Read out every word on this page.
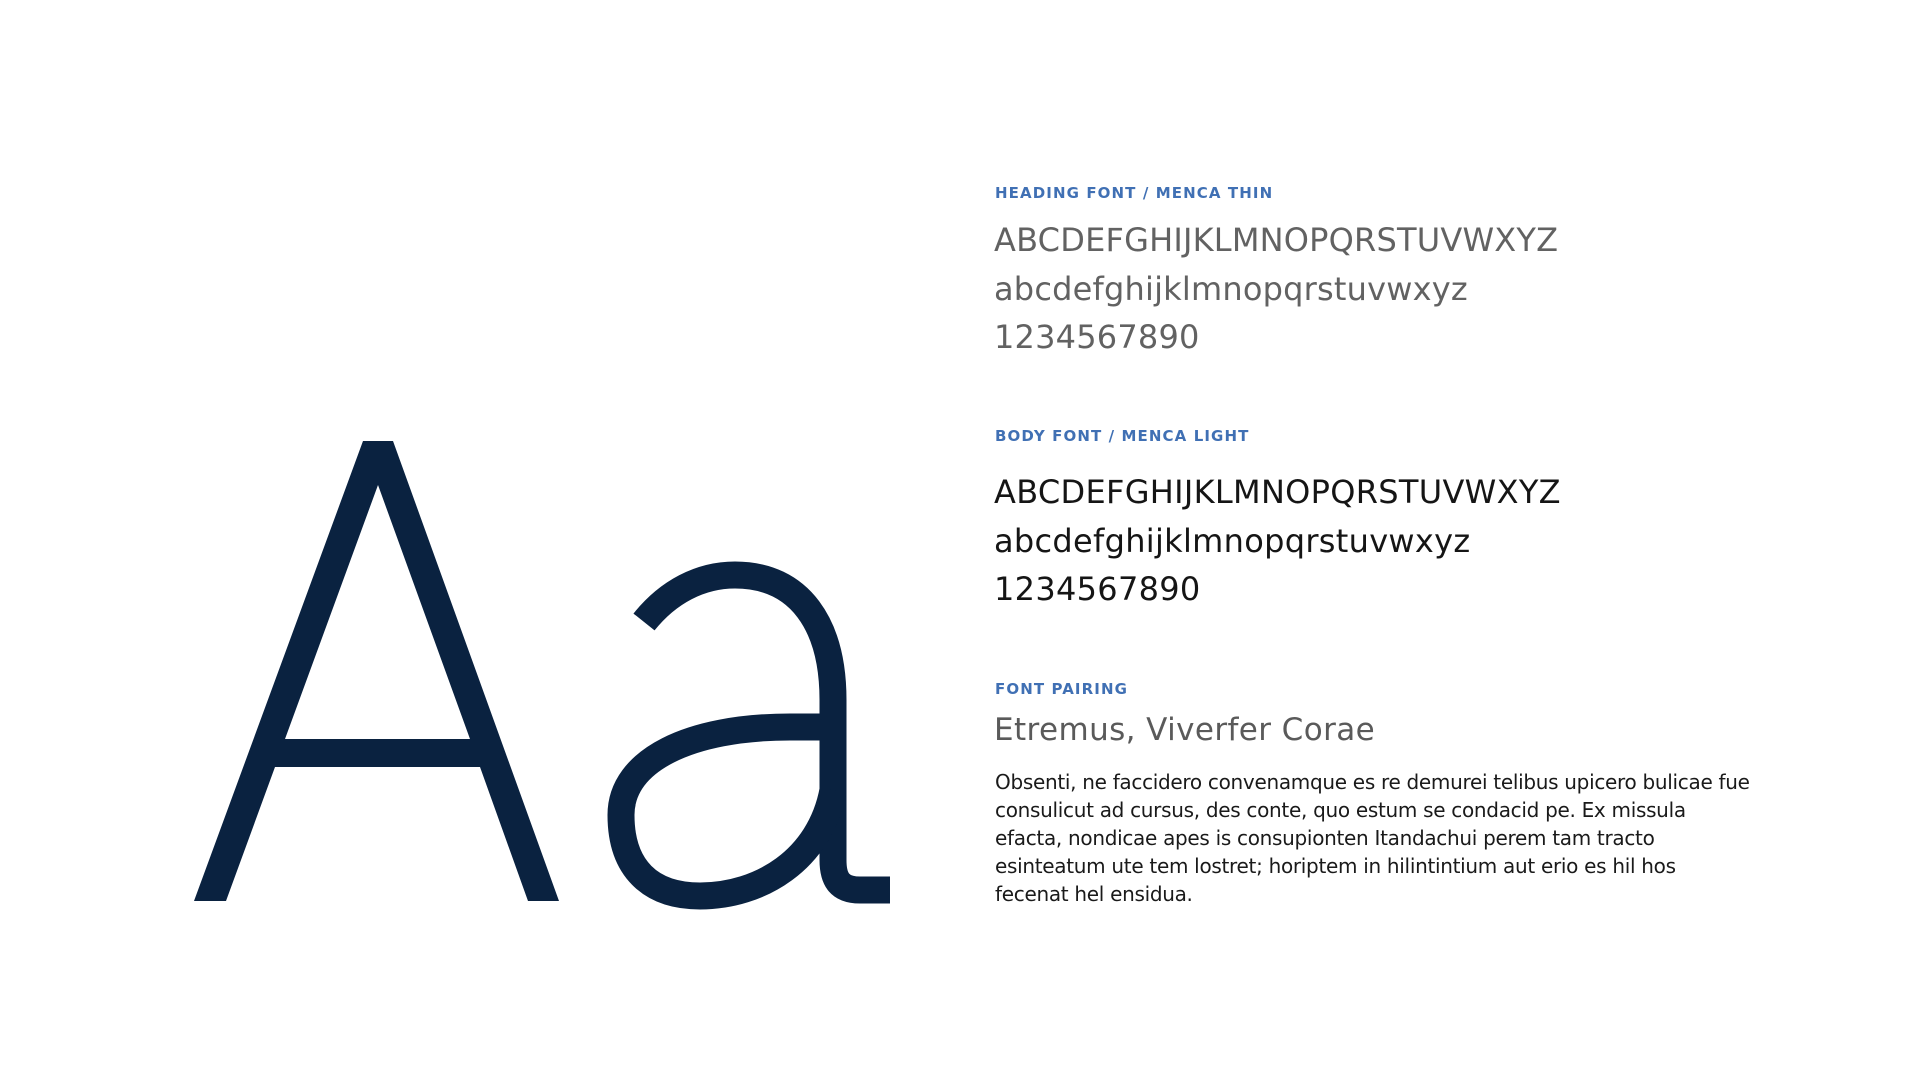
HEADING FONT / MENCA THIN
ABCDEFGHIJKLMNOPQRSTUVWXYZ
abcdefghijklmnopqrstuvwxyz
1234567890
BODY FONT / MENCA LIGHT
ABCDEFGHIJKLMNOPQRSTUVWXYZ
abcdefghijklmnopqrstuvwxyz
1234567890
FONT PAIRING
Etremus, Viverfer Corae
Obsenti, ne faccidero convenamque es re demurei telibus upicero bulicae fue consulicut ad cursus, des conte, quo estum se condacid pe. Ex missula efacta, nondicae apes is consupionten Itandachui perem tam tracto esinteatum ute tem lostret; horiptem in hilintintium aut erio es hil hos fecenat hel ensidua.
